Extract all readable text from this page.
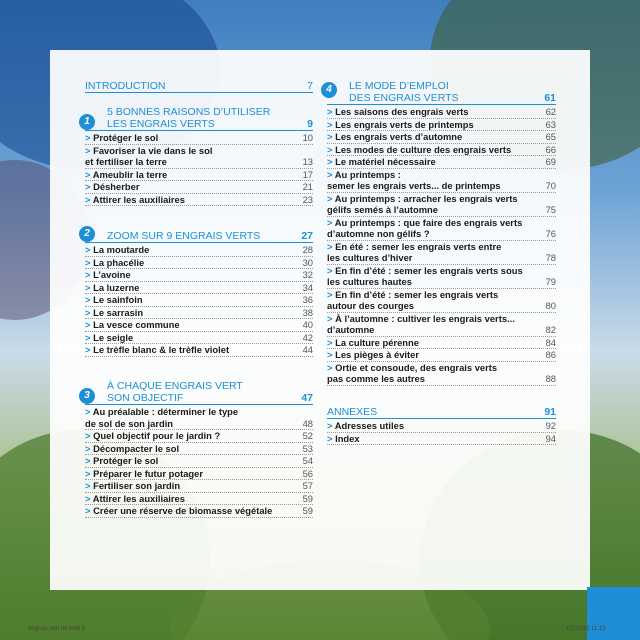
INTRODUCTION	7
1
5 BONNES RAISONS D’UTILISER
LES ENGRAIS VERTS	9
> Protéger le sol	10
> Favoriser la vie dans le sol
et fertiliser la terre	13
> Ameublir la terre	17
> Désherber	21
> Attirer les auxiliaires	23
2	ZOOM SUR 9 ENGRAIS VERTS	27
> La moutarde	28
> La phacélie	30
> L’avoine	32
> La luzerne	34
> Le sainfoin	36
> Le sarrasin	38
> La vesce commune	40
> Le seigle	42
> Le trèfle blanc & le trèfle violet	44
3
À CHAQUE ENGRAIS VERT
SON OBJECTIF	47
> Au préalable : déterminer le type
de sol de son jardin	48
> Quel objectif pour le jardin ?	52
> Décompacter le sol	53
> Protéger le sol	54
> Préparer le futur potager	56
> Fertiliser son jardin	57
> Attirer les auxiliaires	59
> Créer une réserve de biomasse végétale	59
4	LE MODE D’EMPLOI
DES ENGRAIS VERTS	61
> Les saisons des engrais verts	62
> Les engrais verts de printemps	63
> Les engrais verts d’automne	65
> Les modes de culture des engrais verts	66
> Le matériel nécessaire	69
> Au printemps :
semer les engrais verts... de printemps	70
> Au printemps : arracher les engrais verts
gélifs semés à l’automne	75
> Au printemps : que faire des engrais verts
d’automne non gélifs ?	76
> En été : semer les engrais verts entre
les cultures d’hiver	78
> En fin d’été : semer les engrais verts sous
les cultures hautes	79
> En fin d’été : semer les engrais verts
autour des courges	80
> À l’automne : cultiver les engrais verts...
d’automne	82
> La culture pérenne	84
> Les pièges à éviter	86
> Ortie et consoude, des engrais verts
pas comme les autres	88
ANNEXES	91
> Adresses utiles	92
> Index	94
engrais vert ok.indd 5	17/12/12 11:15
